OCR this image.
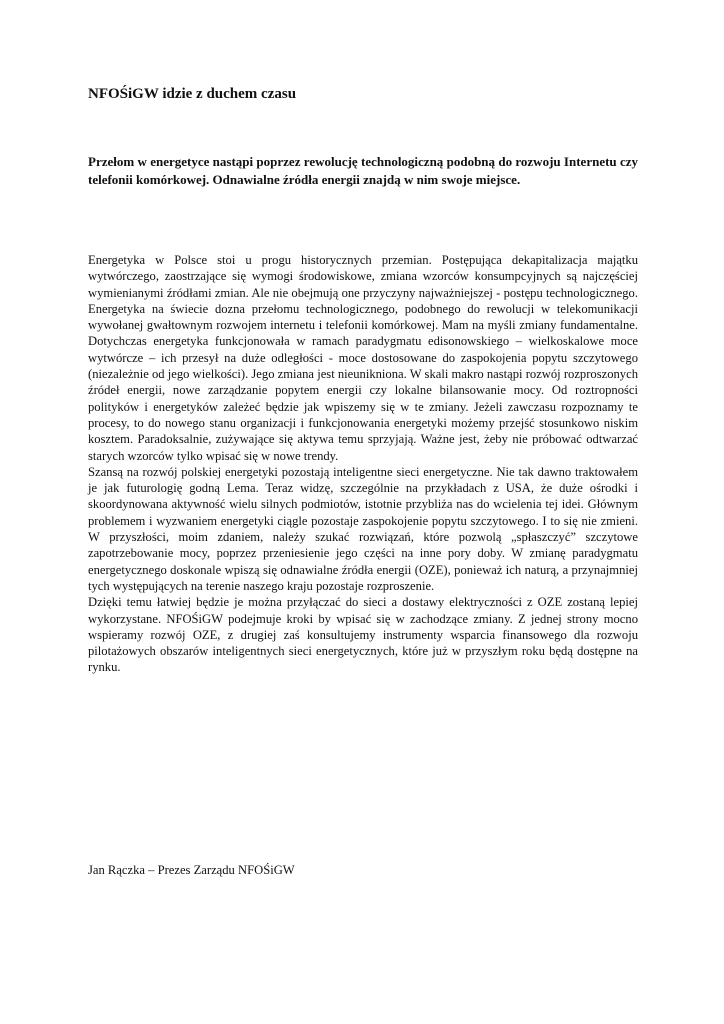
NFOŚiGW idzie z duchem czasu

Przełom w energetyce nastąpi poprzez rewolucję technologiczną podobną do rozwoju Internetu czy telefonii komórkowej. Odnawialne źródła energii znajdą w nim swoje miejsce.

Energetyka w Polsce stoi u progu historycznych przemian. Postępująca dekapitalizacja majątku wytwórczego, zaostrzające się wymogi środowiskowe, zmiana wzorców konsumpcyjnych są najczęściej wymienianymi źródłami zmian. Ale nie obejmują one przyczyny najważniejszej - postępu technologicznego. Energetyka na świecie dozna przełomu technologicznego, podobnego do rewolucji w telekomunikacji wywołanej gwałtownym rozwojem internetu i telefonii komórkowej. Mam na myśli zmiany fundamentalne. Dotychczas energetyka funkcjonowała w ramach paradygmatu edisonowskiego – wielkoskalowe moce wytwórcze – ich przesył na duże odległości - moce dostosowane do zaspokojenia popytu szczytowego (niezależnie od jego wielkości). Jego zmiana jest nieunikniona. W skali makro nastąpi rozwój rozproszonych źródeł energii, nowe zarządzanie popytem energii czy lokalne bilansowanie mocy. Od roztropności polityków i energetyków zależeć będzie jak wpiszemy się w te zmiany. Jeżeli zawczasu rozpoznamy te procesy, to do nowego stanu organizacji i funkcjonowania energetyki możemy przejść stosunkowo niskim kosztem. Paradoksalnie, zużywające się aktywa temu sprzyjają. Ważne jest, żeby nie próbować odtwarzać starych wzorców tylko wpisać się w nowe trendy.

Szansą na rozwój polskiej energetyki pozostają inteligentne sieci energetyczne. Nie tak dawno traktowałem je jak futurologię godną Lema. Teraz widzę, szczególnie na przykładach z USA, że duże ośrodki i skoordynowana aktywność wielu silnych podmiotów, istotnie przybliża nas do wcielenia tej idei. Głównym problemem i wyzwaniem energetyki ciągle pozostaje zaspokojenie popytu szczytowego. I to się nie zmieni. W przyszłości, moim zdaniem, należy szukać rozwiązań, które pozwolą „spłaszczyć” szczytowe zapotrzebowanie mocy, poprzez przeniesienie jego części na inne pory doby. W zmianę paradygmatu energetycznego doskonale wpiszą się odnawialne źródła energii (OZE), ponieważ ich naturą, a przynajmniej tych występujących na terenie naszego kraju pozostaje rozproszenie.

Dzięki temu łatwiej będzie je można przyłączać do sieci a dostawy elektryczności z OZE zostaną lepiej wykorzystane. NFOŚiGW podejmuje kroki by wpisać się w zachodzące zmiany. Z jednej strony mocno wspieramy rozwój OZE, z drugiej zaś konsultujemy instrumenty wsparcia finansowego dla rozwoju pilotażowych obszarów inteligentnych sieci energetycznych, które już w przyszłym roku będą dostępne na rynku.

Jan Rączka – Prezes Zarządu NFOŚiGW
